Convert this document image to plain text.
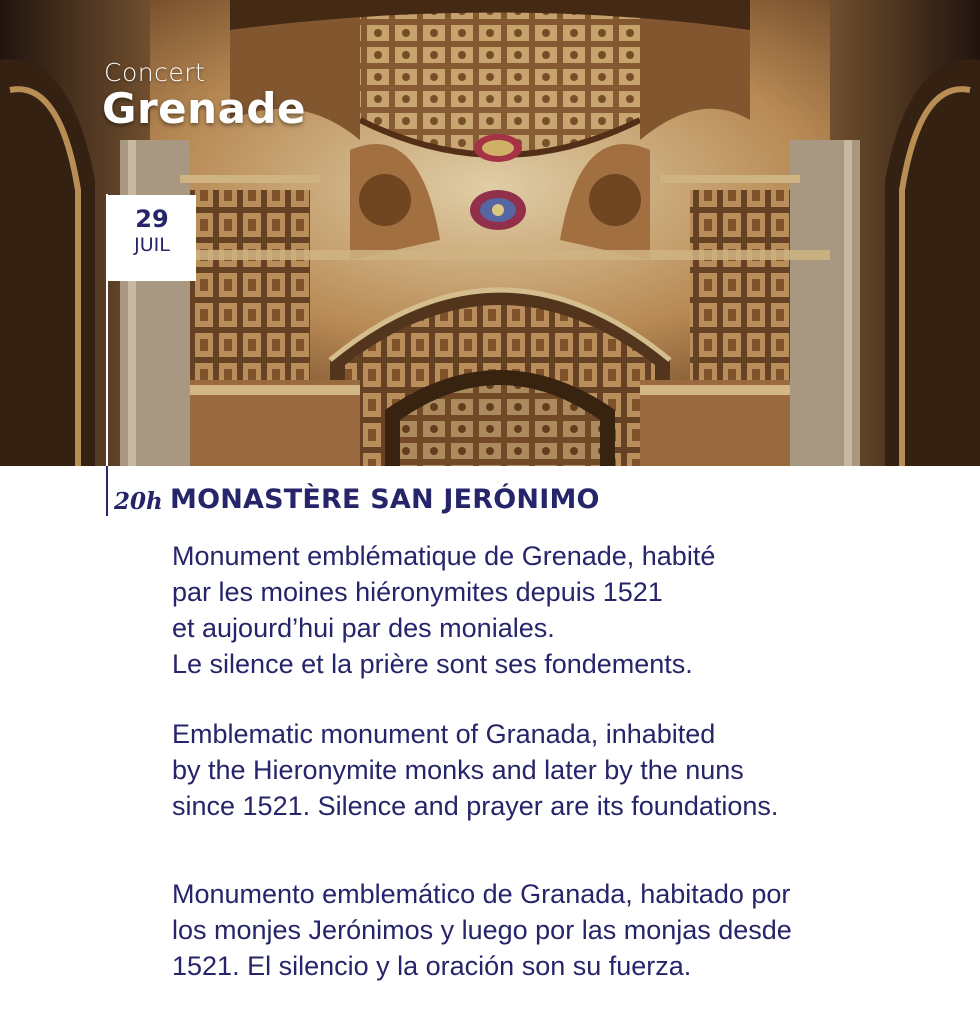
Concert
Grenade
29
JUIL
20h MONASTÈRE SAN JERÓNIMO
Monument emblématique de Grenade, habité
par les moines hiéronymites depuis 1521
et aujourd’hui par des moniales.
Le silence et la prière sont ses fondements.
Emblematic monument of Granada, inhabited
by the Hieronymite monks and later by the nuns
since 1521. Silence and prayer are its foundations.
Monumento emblemático de Granada, habitado por
los monjes Jerónimos y luego por las monjas desde
1521. El silencio y la oración son su fuerza.
